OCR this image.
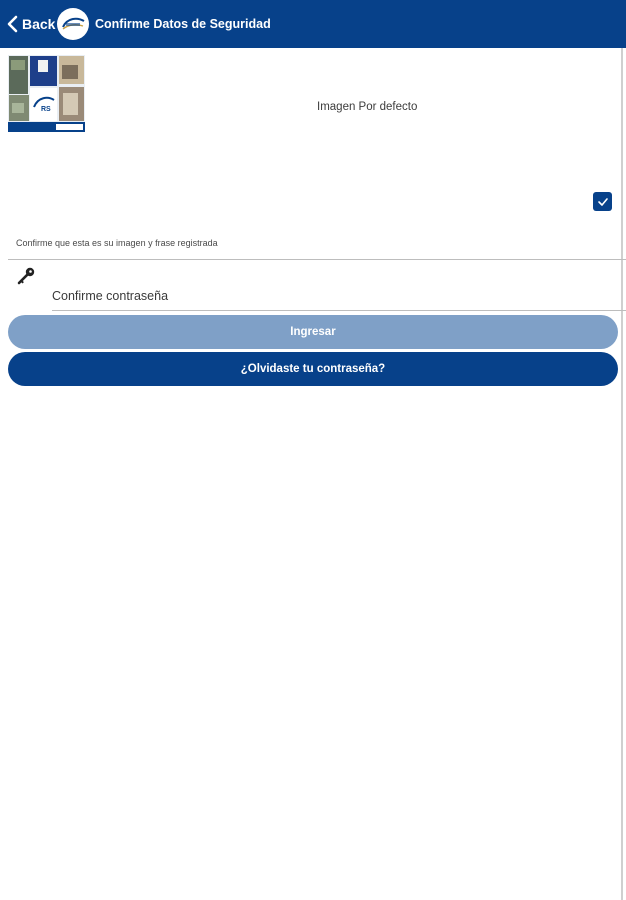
Back	Confirme Datos de Seguridad
RS	Imagen Por defecto
Confirme que esta es su imagen y frase registrada
Ingresar
¿Olvidaste tu contraseña?
